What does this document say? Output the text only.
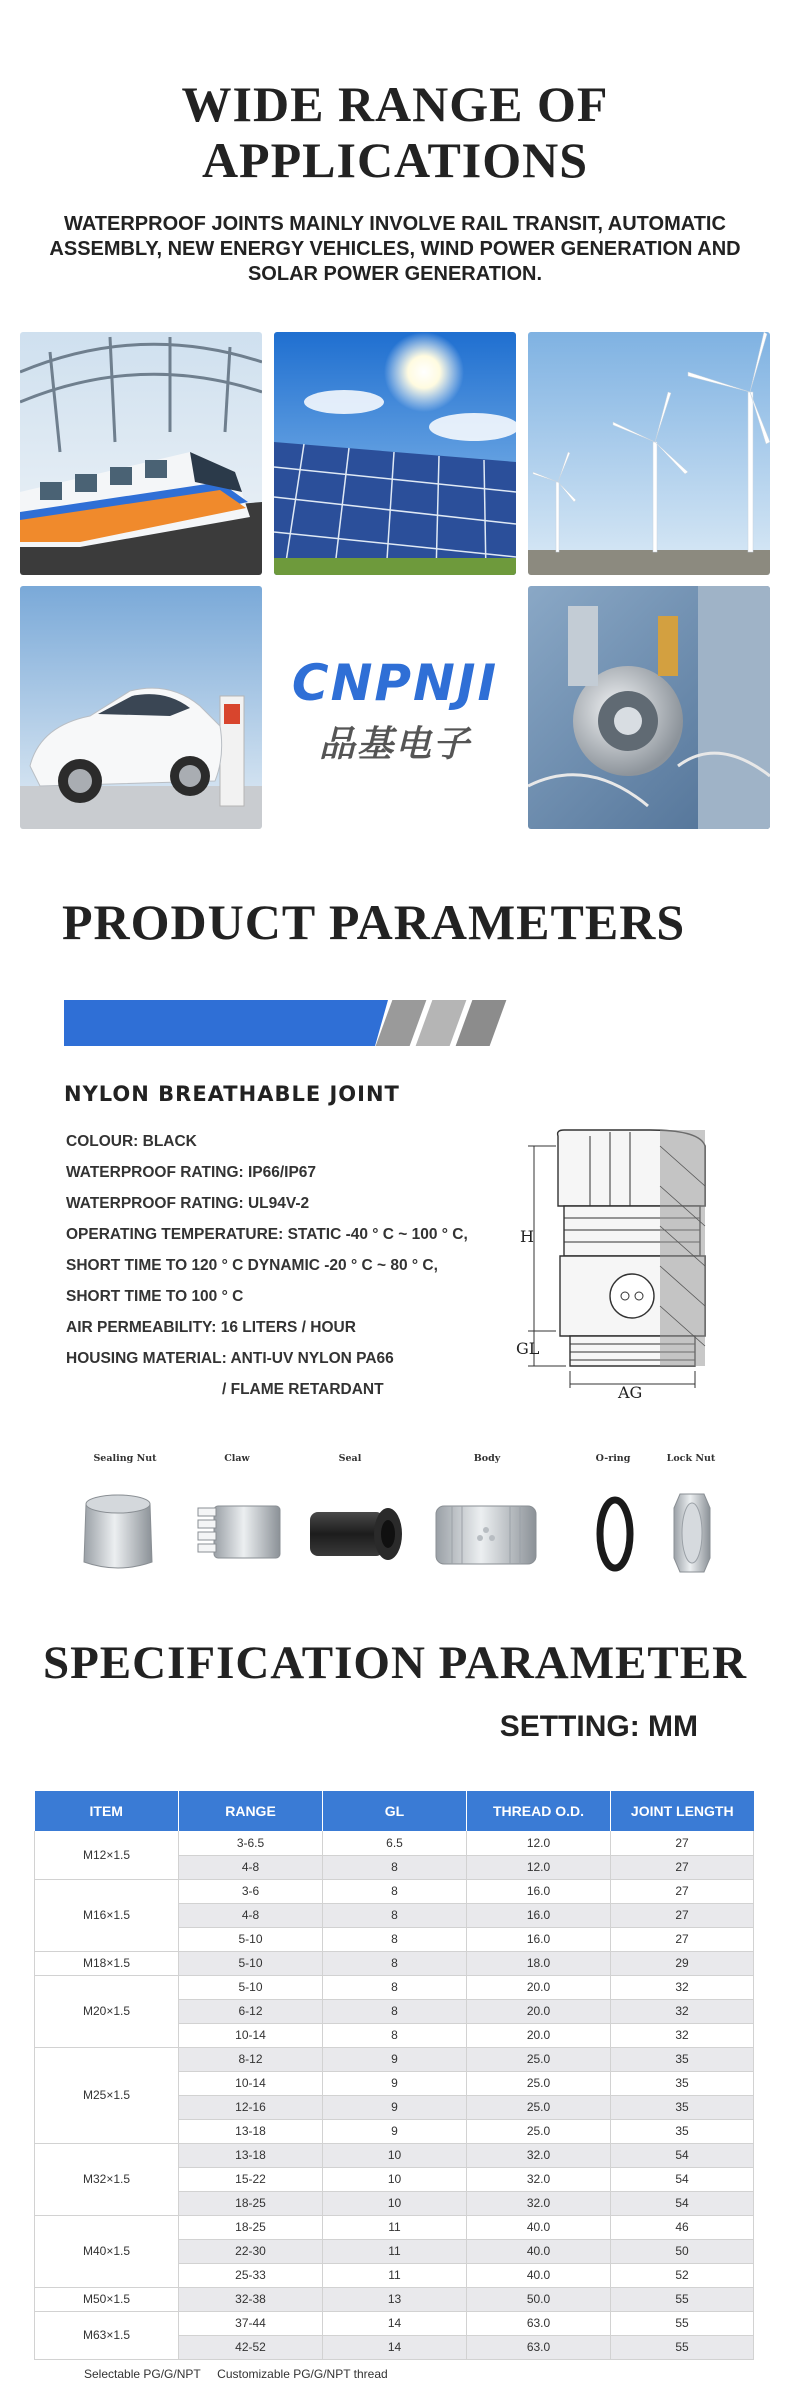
WIDE RANGE OF
APPLICATIONS

WATERPROOF JOINTS MAINLY INVOLVE RAIL TRANSIT, AUTOMATIC ASSEMBLY, NEW ENERGY VEHICLES, WIND POWER GENERATION AND SOLAR POWER GENERATION.

CNPNJI
品基电子
PRODUCT PARAMETERS
NYLON BREATHABLE JOINT
COLOUR: BLACK
WATERPROOF RATING: IP66/IP67
WATERPROOF RATING: UL94V-2
OPERATING TEMPERATURE: STATIC -40 ° C ~ 100 ° C,
SHORT TIME TO 120 ° C DYNAMIC -20 ° C ~ 80 ° C,
SHORT TIME TO 100 ° C
AIR PERMEABILITY: 16 LITERS / HOUR
HOUSING MATERIAL: ANTI-UV NYLON PA66
/ FLAME RETARDANT
H
GL
AG
Sealing Nut	Claw	Seal	Body	O-ring	Lock Nut
SPECIFICATION PARAMETER
SETTING: MM
ITEM	RANGE	GL	THREAD O.D.	JOINT LENGTH
M12×1.5	3-6.5	6.5	12.0	27
	4-8	8	12.0	27
M16×1.5	3-6	8	16.0	27
	4-8	8	16.0	27
	5-10	8	16.0	27
M18×1.5	5-10	8	18.0	29
M20×1.5	5-10	8	20.0	32
	6-12	8	20.0	32
	10-14	8	20.0	32
M25×1.5	8-12	9	25.0	35
	10-14	9	25.0	35
	12-16	9	25.0	35
	13-18	9	25.0	35
M32×1.5	13-18	10	32.0	54
	15-22	10	32.0	54
	18-25	10	32.0	54
M40×1.5	18-25	11	40.0	46
	22-30	11	40.0	50
	25-33	11	40.0	52
M50×1.5	32-38	13	50.0	55
M63×1.5	37-44	14	63.0	55
	42-52	14	63.0	55
Selectable PG/G/NPT     Customizable PG/G/NPT thread
